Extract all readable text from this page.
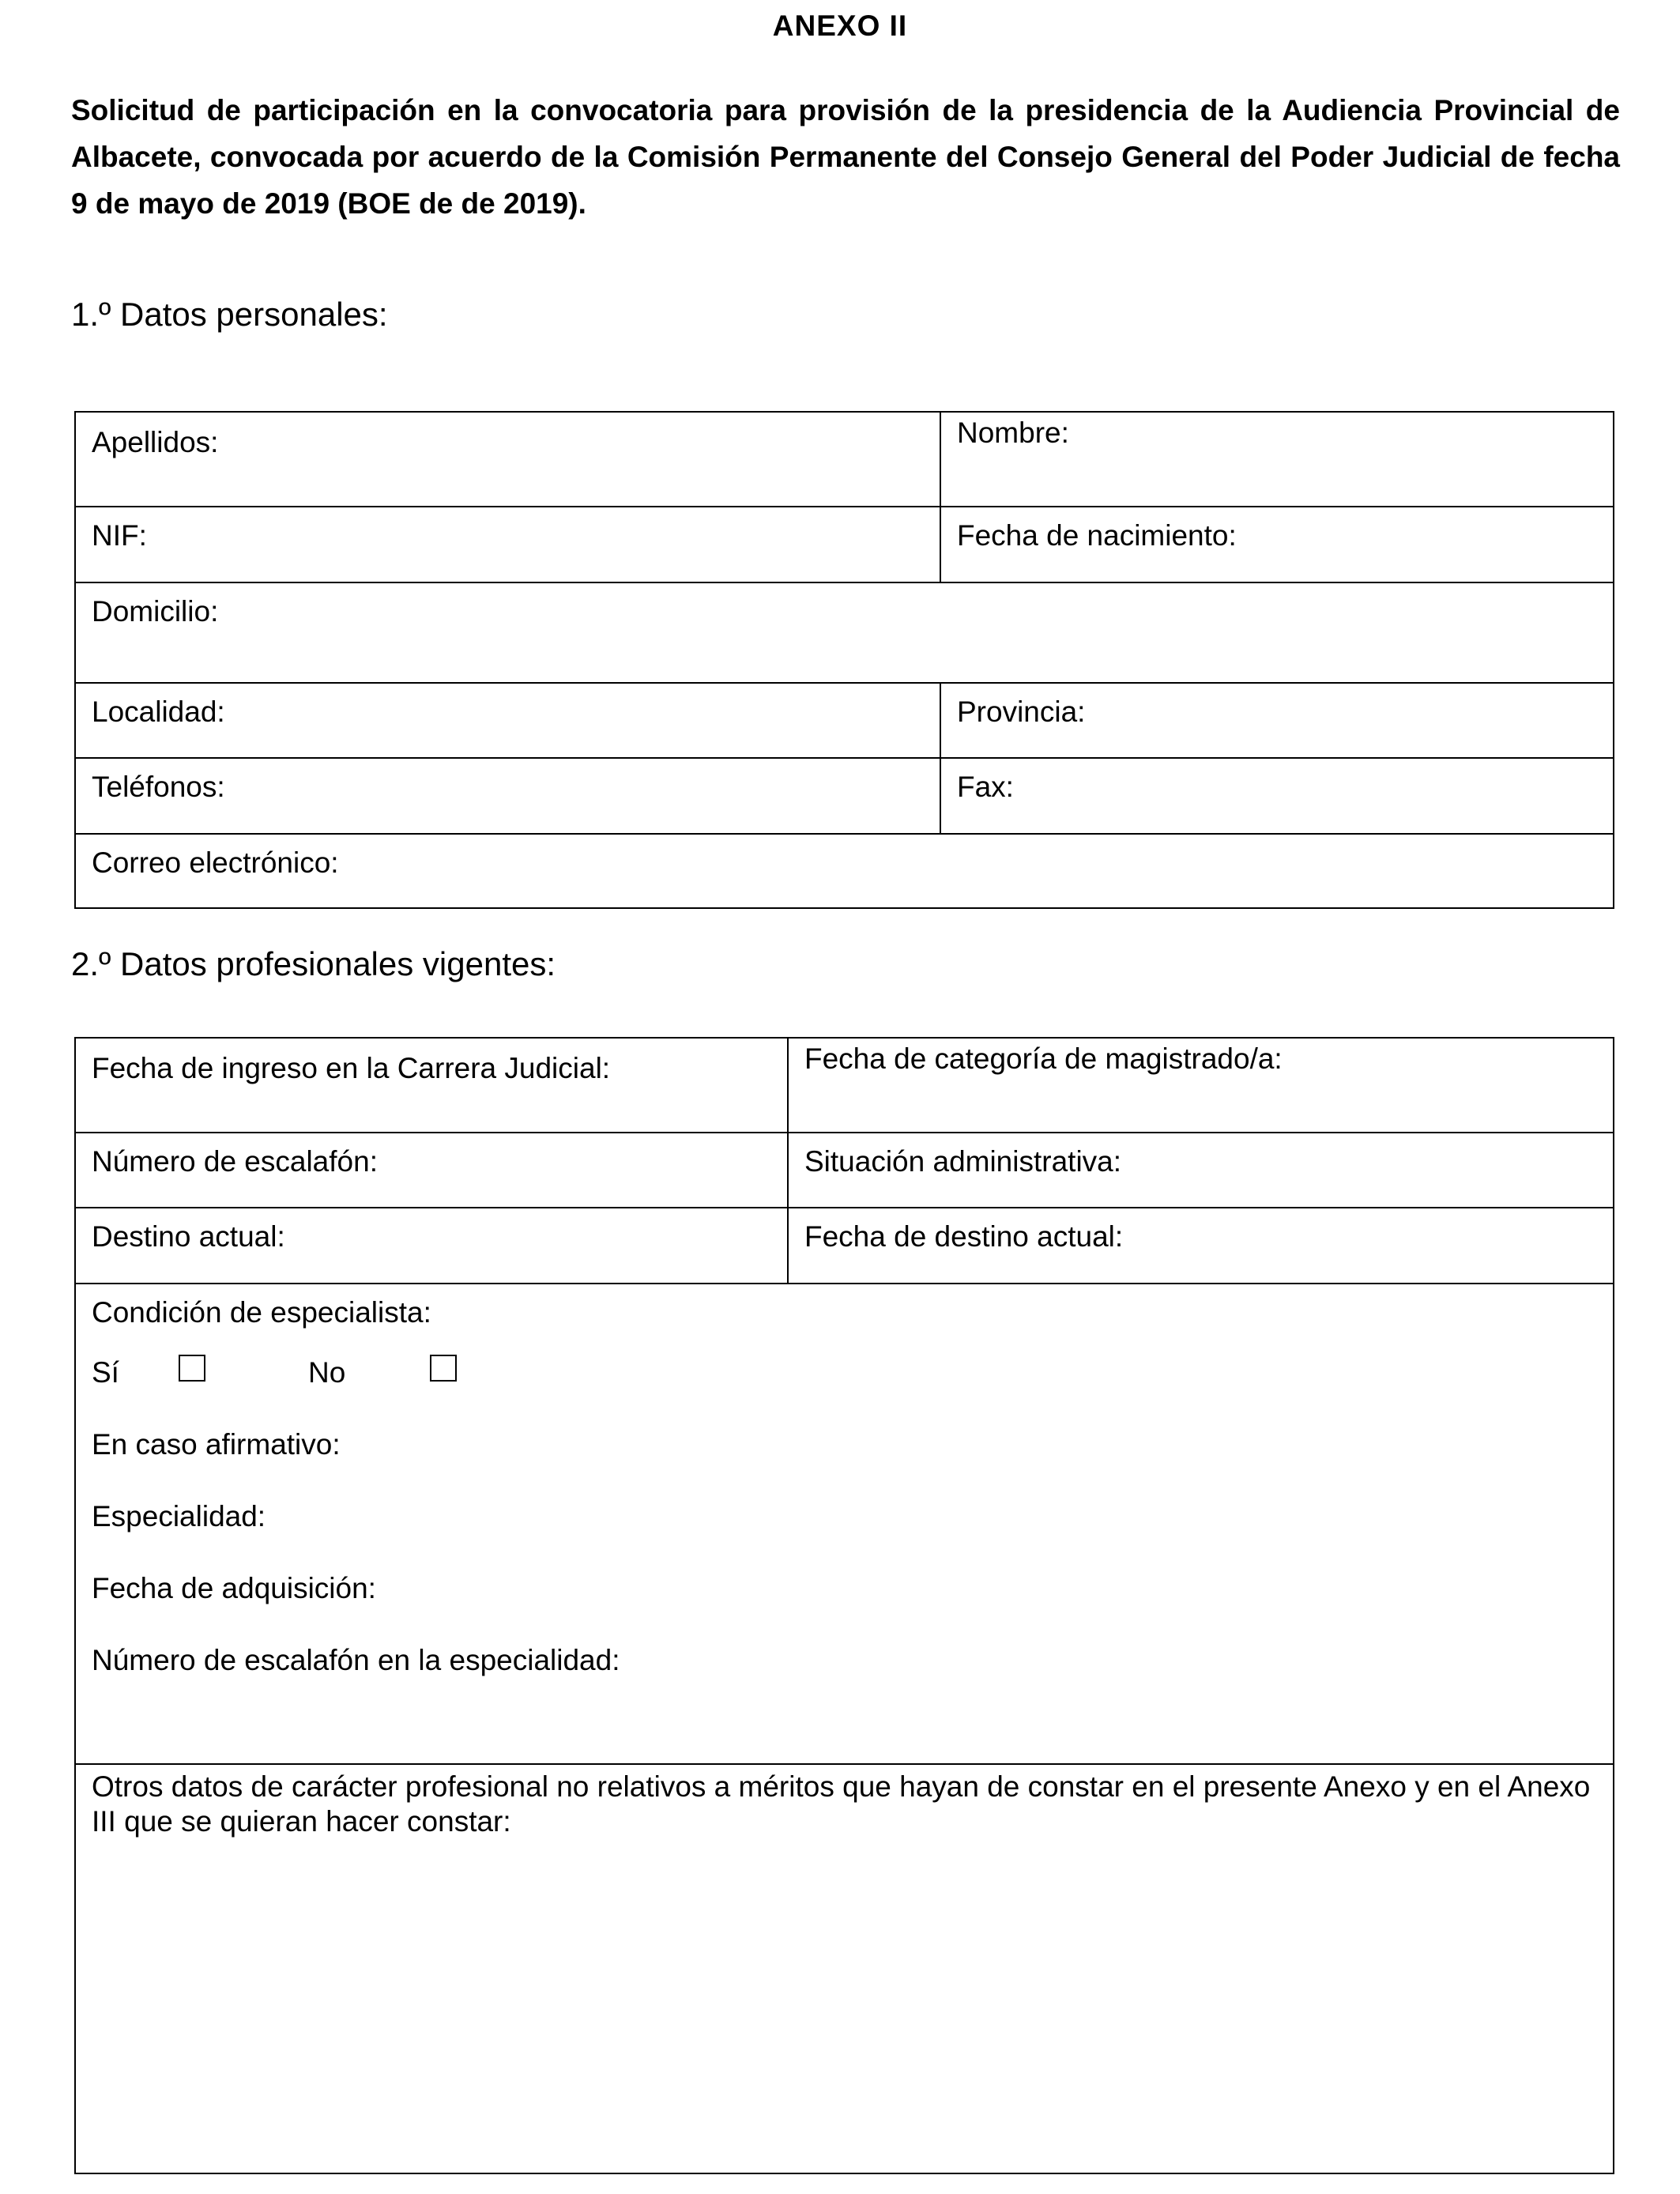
ANEXO II
Solicitud de participación en la convocatoria para provisión de la presidencia de la Audiencia Provincial de Albacete, convocada por acuerdo de la Comisión Permanente del Consejo General del Poder Judicial de fecha 9 de mayo de 2019 (BOE de de 2019).
1.º Datos personales:
Apellidos:	Nombre:
NIF:	Fecha de nacimiento:
Domicilio:
Localidad:	Provincia:
Teléfonos:	Fax:
Correo electrónico:
2.º Datos profesionales vigentes:
Fecha de ingreso en la Carrera Judicial:	Fecha de categoría de magistrado/a:
Número de escalafón:	Situación administrativa:
Destino actual:	Fecha de destino actual:
Condición de especialista:
Sí	No
En caso afirmativo:
Especialidad:
Fecha de adquisición:
Número de escalafón en la especialidad:
Otros datos de carácter profesional no relativos a méritos que hayan de constar en el presente Anexo y en el Anexo III que se quieran hacer constar:
